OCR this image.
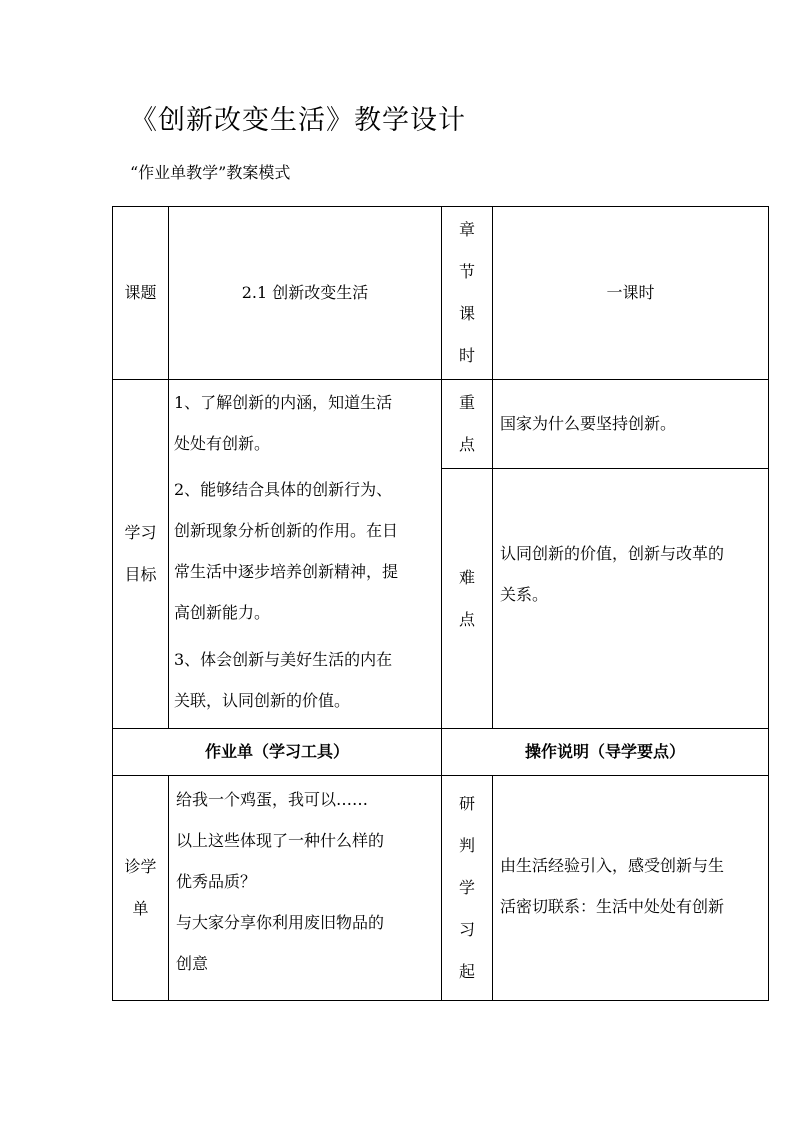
《创新改变生活》教学设计
“作业单教学”教案模式
课题	2.1 创新改变生活
章
节
课
时
一课时
学习
目标
1、了解创新的内涵，知道生活
处处有创新。
2、能够结合具体的创新行为、
创新现象分析创新的作用。在日
常生活中逐步培养创新精神，提
高创新能力。
3、体会创新与美好生活的内在
关联，认同创新的价值。
重
点
国家为什么要坚持创新。
难
点
认同创新的价值，创新与改革的
关系。
作业单（学习工具）	操作说明（导学要点）
诊学
单
给我一个鸡蛋，我可以……
以上这些体现了一种什么样的
优秀品质？
与大家分享你利用废旧物品的
创意
研
判
学
习
起
由生活经验引入，感受创新与生
活密切联系：生活中处处有创新
